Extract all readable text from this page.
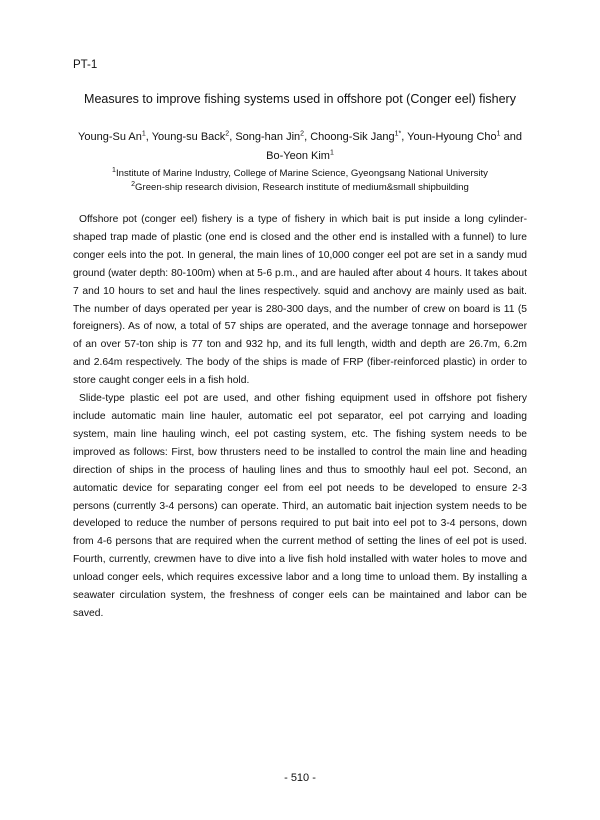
PT-1
Measures to improve fishing systems used in offshore pot (Conger eel) fishery
Young-Su An$^1$, Young-su Back$^2$, Song-han Jin$^2$, Choong-Sik Jang$^{1*}$, Youn-Hyoung Cho$^1$ and
Bo-Yeon Kim$^1$
$^1$Institute of Marine Industry, College of Marine Science, Gyeongsang National University
$^2$Green-ship research division, Research institute of medium&small shipbuilding

Offshore pot (conger eel) fishery is a type of fishery in which bait is put inside a long cylinder-shaped trap made of plastic (one end is closed and the other end is installed with a funnel) to lure conger eels into the pot. In general, the main lines of 10,000 conger eel pot are set in a sandy mud ground (water depth: 80-100m) when at 5-6 p.m., and are hauled after about 4 hours. It takes about 7 and 10 hours to set and haul the lines respectively. squid and anchovy are mainly used as bait. The number of days operated per year is 280-300 days, and the number of crew on board is 11 (5 foreigners). As of now, a total of 57 ships are operated, and the average tonnage and horsepower of an over 57-ton ship is 77 ton and 932 hp, and its full length, width and depth are 26.7m, 6.2m and 2.64m respectively. The body of the ships is made of FRP (fiber-reinforced plastic) in order to store caught conger eels in a fish hold.

Slide-type plastic eel pot are used, and other fishing equipment used in offshore pot fishery include automatic main line hauler, automatic eel pot separator, eel pot carrying and loading system, main line hauling winch, eel pot casting system, etc. The fishing system needs to be improved as follows: First, bow thrusters need to be installed to control the main line and heading direction of ships in the process of hauling lines and thus to smoothly haul eel pot. Second, an automatic device for separating conger eel from eel pot needs to be developed to ensure 2-3 persons (currently 3-4 persons) can operate. Third, an automatic bait injection system needs to be developed to reduce the number of persons required to put bait into eel pot to 3-4 persons, down from 4-6 persons that are required when the current method of setting the lines of eel pot is used. Fourth, currently, crewmen have to dive into a live fish hold installed with water holes to move and unload conger eels, which requires excessive labor and a long time to unload them. By installing a seawater circulation system, the freshness of conger eels can be maintained and labor can be saved.

- 510 -
